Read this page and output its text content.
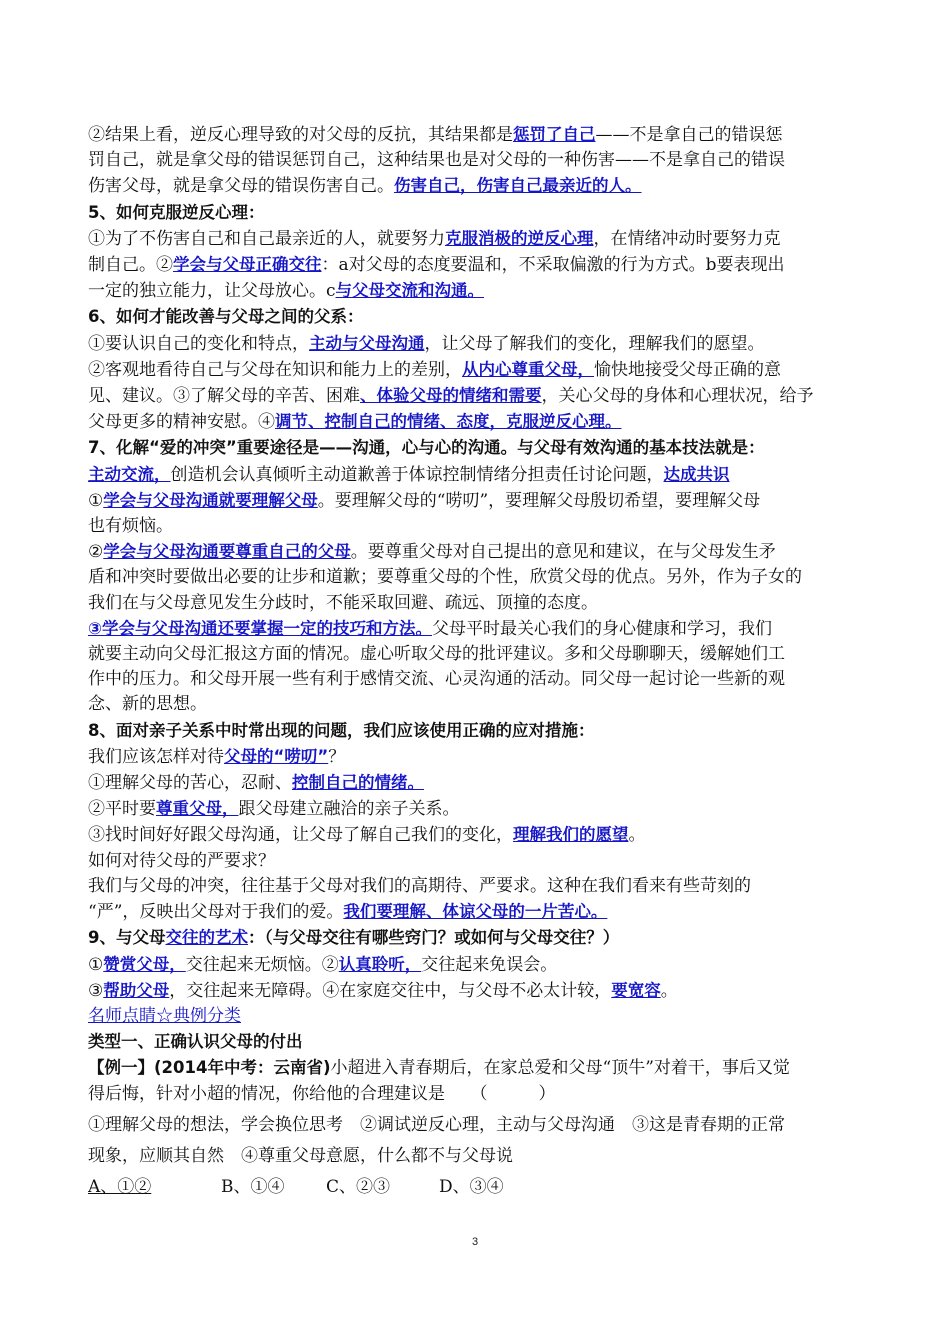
②结果上看，逆反心理导致的对父母的反抗，其结果都是惩罚了自己——不是拿自己的错误惩
罚自己，就是拿父母的错误惩罚自己，这种结果也是对父母的一种伤害——不是拿自己的错误
伤害父母，就是拿父母的错误伤害自己。伤害自己，伤害自己最亲近的人。
5、如何克服逆反心理：
①为了不伤害自己和自己最亲近的人，就要努力克服消极的逆反心理，在情绪冲动时要努力克
制自己。②学会与父母正确交往：a对父母的态度要温和，不采取偏激的行为方式。b要表现出
一定的独立能力，让父母放心。c与父母交流和沟通。
6、如何才能改善与父母之间的父系：
①要认识自己的变化和特点，主动与父母沟通，让父母了解我们的变化，理解我们的愿望。
②客观地看待自己与父母在知识和能力上的差别，从内心尊重父母，愉快地接受父母正确的意
见、建议。③了解父母的辛苦、困难、体验父母的情绪和需要，关心父母的身体和心理状况，给予
父母更多的精神安慰。④调节、控制自己的情绪、态度，克服逆反心理。
7、化解“爱的冲突”重要途径是——沟通，心与心的沟通。与父母有效沟通的基本技法就是：
主动交流，创造机会认真倾听主动道歉善于体谅控制情绪分担责任讨论问题，达成共识
①学会与父母沟通就要理解父母。要理解父母的“唠叨”，要理解父母殷切希望，要理解父母
也有烦恼。
②学会与父母沟通要尊重自己的父母。要尊重父母对自己提出的意见和建议，在与父母发生矛
盾和冲突时要做出必要的让步和道歉；要尊重父母的个性，欣赏父母的优点。另外，作为子女的
我们在与父母意见发生分歧时，不能采取回避、疏远、顶撞的态度。
③学会与父母沟通还要掌握一定的技巧和方法。父母平时最关心我们的身心健康和学习，我们
就要主动向父母汇报这方面的情况。虚心听取父母的批评建议。多和父母聊聊天，缓解她们工
作中的压力。和父母开展一些有利于感情交流、心灵沟通的活动。同父母一起讨论一些新的观
念、新的思想。
8、面对亲子关系中时常出现的问题，我们应该使用正确的应对措施：
我们应该怎样对待父母的“唠叨”？
①理解父母的苦心，忍耐、控制自己的情绪。
②平时要尊重父母，跟父母建立融洽的亲子关系。
③找时间好好跟父母沟通，让父母了解自己我们的变化，理解我们的愿望。
如何对待父母的严要求？
我们与父母的冲突，往往基于父母对我们的高期待、严要求。这种在我们看来有些苛刻的
“严”，反映出父母对于我们的爱。我们要理解、体谅父母的一片苦心。
9、与父母交往的艺术：（与父母交往有哪些窍门？或如何与父母交往？）
①赞赏父母，交往起来无烦恼。②认真聆听，交往起来免误会。
③帮助父母，交往起来无障碍。④在家庭交往中，与父母不必太计较，要宽容。
名师点睛☆典例分类
类型一、正确认识父母的付出
【例一】(2014年中考：云南省)小超进入青春期后，在家总爱和父母“顶牛”对着干，事后又觉
得后悔，针对小超的情况，你给他的合理建议是　　（　　　）
①理解父母的想法，学会换位思考　②调试逆反心理，主动与父母沟通　③这是青春期的正常
现象，应顺其自然　④尊重父母意愿，什么都不与父母说
A、①②	B、①④ C、②③	D、③④
3
